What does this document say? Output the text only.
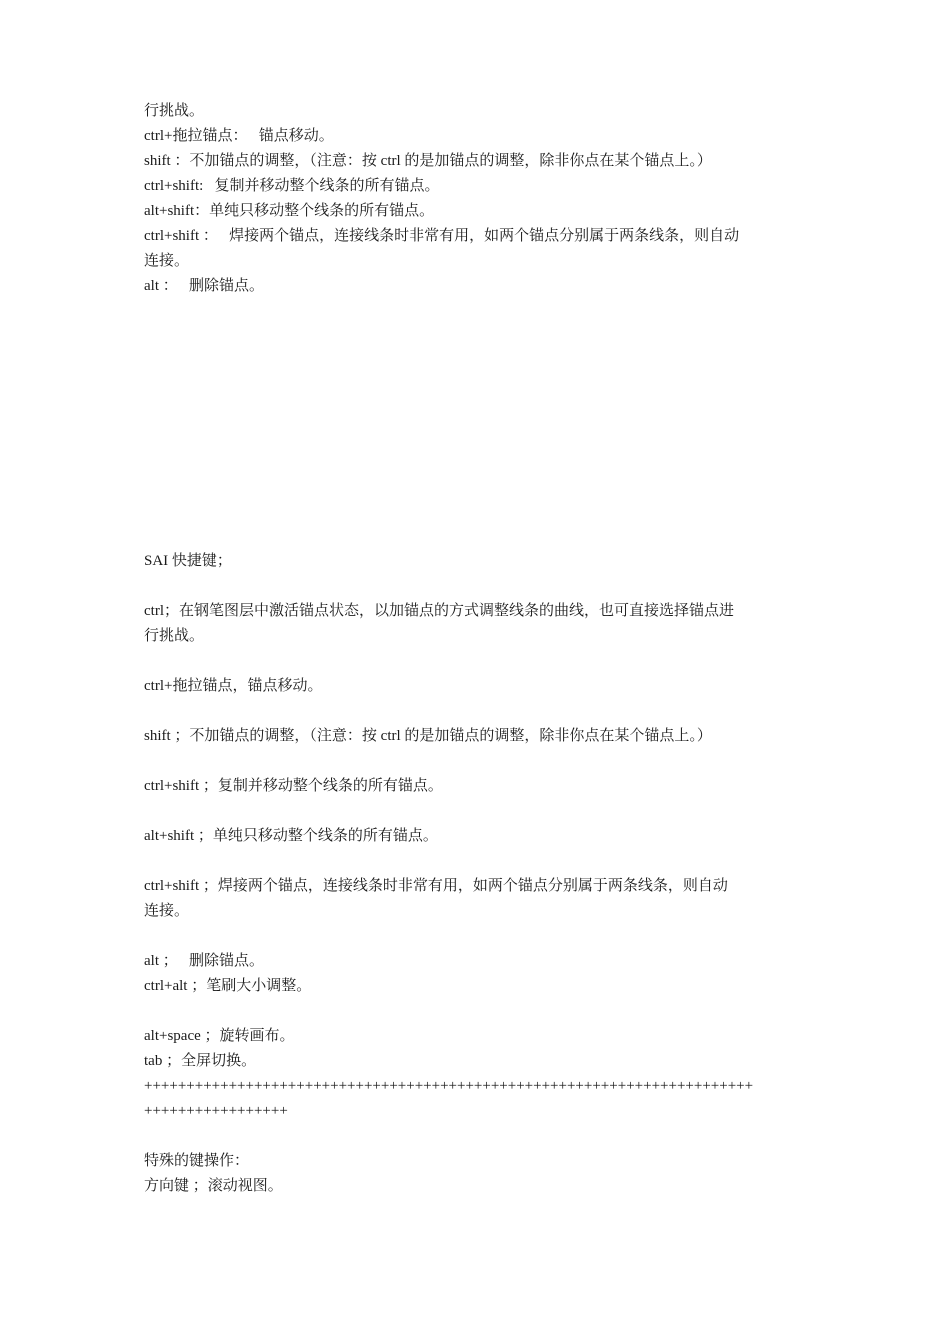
行挑战。
ctrl+拖拉锚点：   锚点移动。
shift ：不加锚点的调整，（注意：按 ctrl 的是加锚点的调整，除非你点在某个锚点上。）
ctrl+shift:   复制并移动整个线条的所有锚点。
alt+shift：单纯只移动整个线条的所有锚点。
ctrl+shift ：   焊接两个锚点，连接线条时非常有用，如两个锚点分别属于两条线条，则自动
连接。
alt ：   删除锚点。
SAI 快捷键；
ctrl；在钢笔图层中激活锚点状态，以加锚点的方式调整线条的曲线，也可直接选择锚点进
行挑战。
ctrl+拖拉锚点，锚点移动。
shift ；不加锚点的调整，（注意：按 ctrl 的是加锚点的调整，除非你点在某个锚点上。）
ctrl+shift ；复制并移动整个线条的所有锚点。
alt+shift ；单纯只移动整个线条的所有锚点。
ctrl+shift ；焊接两个锚点，连接线条时非常有用，如两个锚点分别属于两条线条，则自动
连接。
alt ；   删除锚点。
ctrl+alt ；笔刷大小调整。
alt+space ；旋转画布。
tab ；全屏切换。
++++++++++++++++++++++++++++++++++++++++++++++++++++++++++++++++++++++++
+++++++++++++++++
特殊的键操作：
方向键 ；滚动视图。
